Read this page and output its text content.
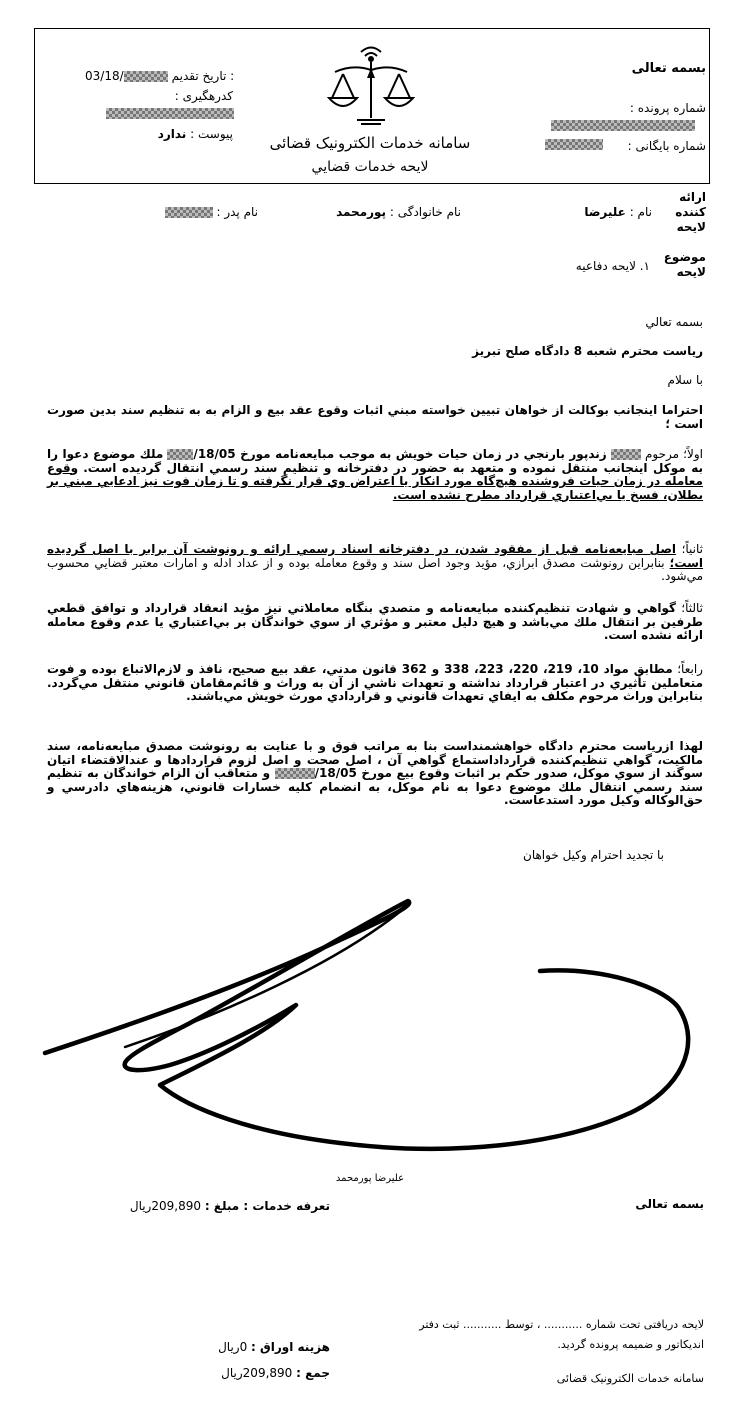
بسمه تعالی
شماره پرونده :
شماره بایگانی :
سامانه خدمات الکترونیک قضائی
لایحه خدمات قضايي
03/18/	تاریخ تقدیم :
کدرهگیری :
پیوست : ندارد
ارائه کننده لایحه
نام : علیرضا
نام خانوادگی : پورمحمد
نام پدر :
موضوع لایحه
۱. لايحه دفاعيه
بسمه تعالي
رياست محترم شعبه 8 دادگاه صلح تبريز
با سلام
احتراما اينجانب بوكالت از خواهان تبيين خواسته مبني اثبات وقوع عقد بيع و الزام به به تنظيم سند بدين صورت است ؛
اولاً؛ مرحوم  زندپور بارنجي در زمان حيات خويش به موجب مبايعه‌نامه مورخ 18/05/ ملك موضوع دعوا را به موكل اينجانب منتقل نموده و متعهد به حضور در دفترخانه و تنظيم سند رسمي انتقال گرديده است. وقوع معامله در زمان حيات فروشنده هيچ‌گاه مورد انكار يا اعتراض وي قرار نگرفته و تا زمان فوت نيز ادعايي مبني بر بطلان، فسخ يا بي‌اعتباري قرارداد مطرح نشده است.
ثانياً؛ اصل مبايعه‌نامه قبل از مفقود شدن، در دفترخانه اسناد رسمي ارائه و رونوشت آن برابر با اصل گرديده است؛ بنابراين رونوشت مصدق ابرازي، مؤيد وجود اصل سند و وقوع معامله بوده و از عداد ادله و امارات معتبر قضايي محسوب مي‌شود.
ثالثاً؛ گواهي و شهادت تنظيم‌كننده مبايعه‌نامه و متصدي بنگاه معاملاتي نيز مؤيد انعقاد قرارداد و توافق قطعي طرفين بر انتقال ملك مي‌باشد و هيچ دليل معتبر و مؤثري از سوي خواندگان بر بي‌اعتباري يا عدم وقوع معامله ارائه نشده است.
رابعاً؛ مطابق مواد 10، 219، 220، 223، 338 و 362 قانون مدني، عقد بيع صحيح، نافذ و لازم‌الاتباع بوده و فوت متعاملين تأثيري در اعتبار قرارداد نداشته و تعهدات ناشي از آن به وراث و قائم‌مقامان قانوني منتقل مي‌گردد. بنابراين وراث مرحوم مكلف به ايفاي تعهدات قانوني و قراردادي مورث خويش مي‌باشند.
لهذا ازرياست محترم دادگاه خواهشمنداست بنا به مراتب فوق و با عنايت به رونوشت مصدق مبايعه‌نامه، سند مالكيت، گواهي تنظيم‌كننده قرارداداستماع گواهي آن ، اصل صحت و اصل لزوم قراردادها و عندالاقتضاء اتيان سوگند از سوي موكل، صدور حكم بر اثبات وقوع بيع مورخ 18/05/ و متعاقب آن الزام خواندگان به تنظيم سند رسمي انتقال ملك موضوع دعوا به نام موكل، به انضمام كليه خسارات قانوني، هزينه‌هاي دادرسي و حق‌الوكاله وكيل مورد استدعاست.
با تجديد احترام وكيل خواهان
علیرضا پورمحمد
بسمه تعالی
تعرفه خدمات : مبلغ : 209,890ریال
لایحه دریافتی تحت شماره ........... ، توسط ........... ثبت دفتر
اندیکاتور و ضمیمه پرونده گردید.
سامانه خدمات الکترونیک قضائی
هزینه اوراق : 0ریال
جمع : 209,890ریال
